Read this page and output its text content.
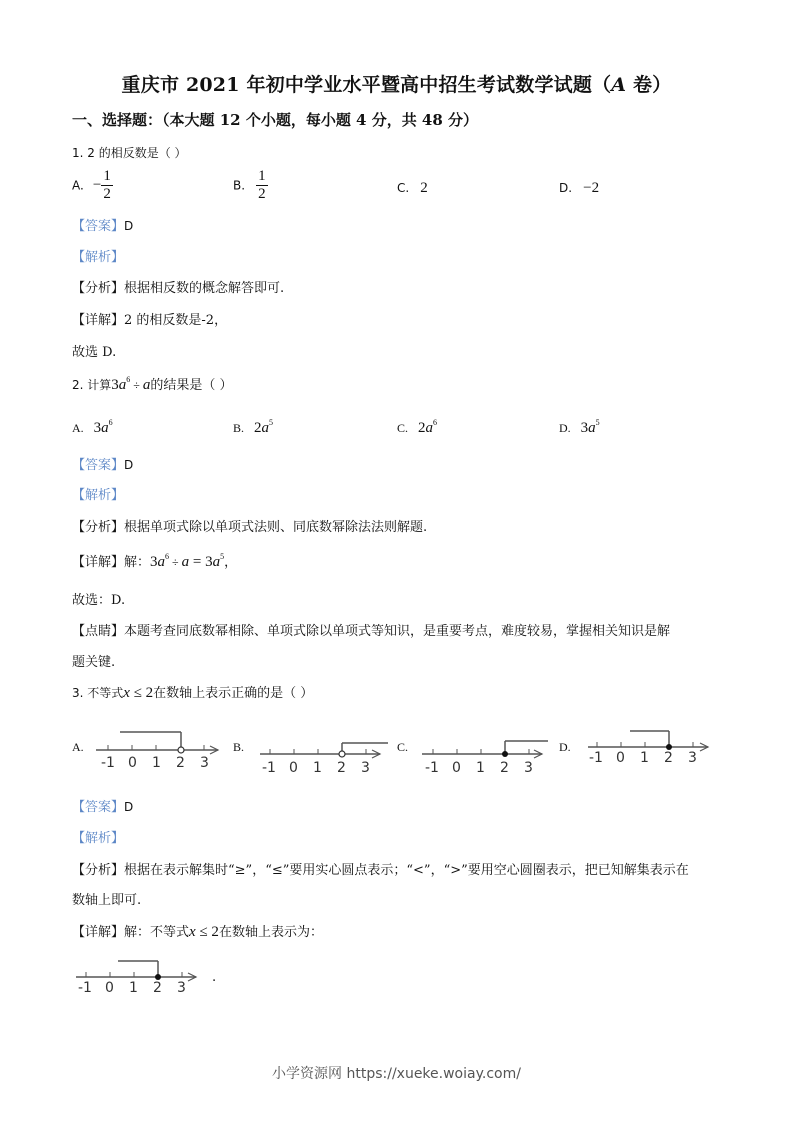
重庆市 2021 年初中学业水平暨高中招生考试数学试题（A 卷）
一、选择题：（本大题 12 个小题，每小题 4 分，共 48 分）
1. 2 的相反数是（ ）
A. − $\frac{1}{2}$	B. $\frac{1}{2}$	C. 2	D. −2
【答案】D
【解析】
【分析】根据相反数的概念解答即可.
【详解】2 的相反数是-2，
故选 D.
2. 计算$3a^6 \div a$的结果是（ ）
A. $3a^6$	B. $2a^5$	C. $2a^6$	D. $3a^5$
【答案】D
【解析】
【分析】根据单项式除以单项式法则、同底数幂除法法则解题.
【详解】解：$3a^6 \div a = 3a^5$，
故选：D.
【点睛】本题考查同底数幂相除、单项式除以单项式等知识，是重要考点，难度较易，掌握相关知识是解
题关键.
3. 不等式x ≤ 2在数轴上表示正确的是（ ）
A.
-1 0 1 2 3
B.
-1 0 1 2 3
C.
-1 0 1 2 3
D.
-1 0 1 2 3
【答案】D
【解析】
【分析】根据在表示解集时“≥”，“≤”要用实心圆点表示；“<”，“>”要用空心圆圈表示，把已知解集表示在
数轴上即可.
【详解】解：不等式x ≤ 2在数轴上表示为：
-1 0 1 2 3
.
小学资源网 https://xueke.woiay.com/
